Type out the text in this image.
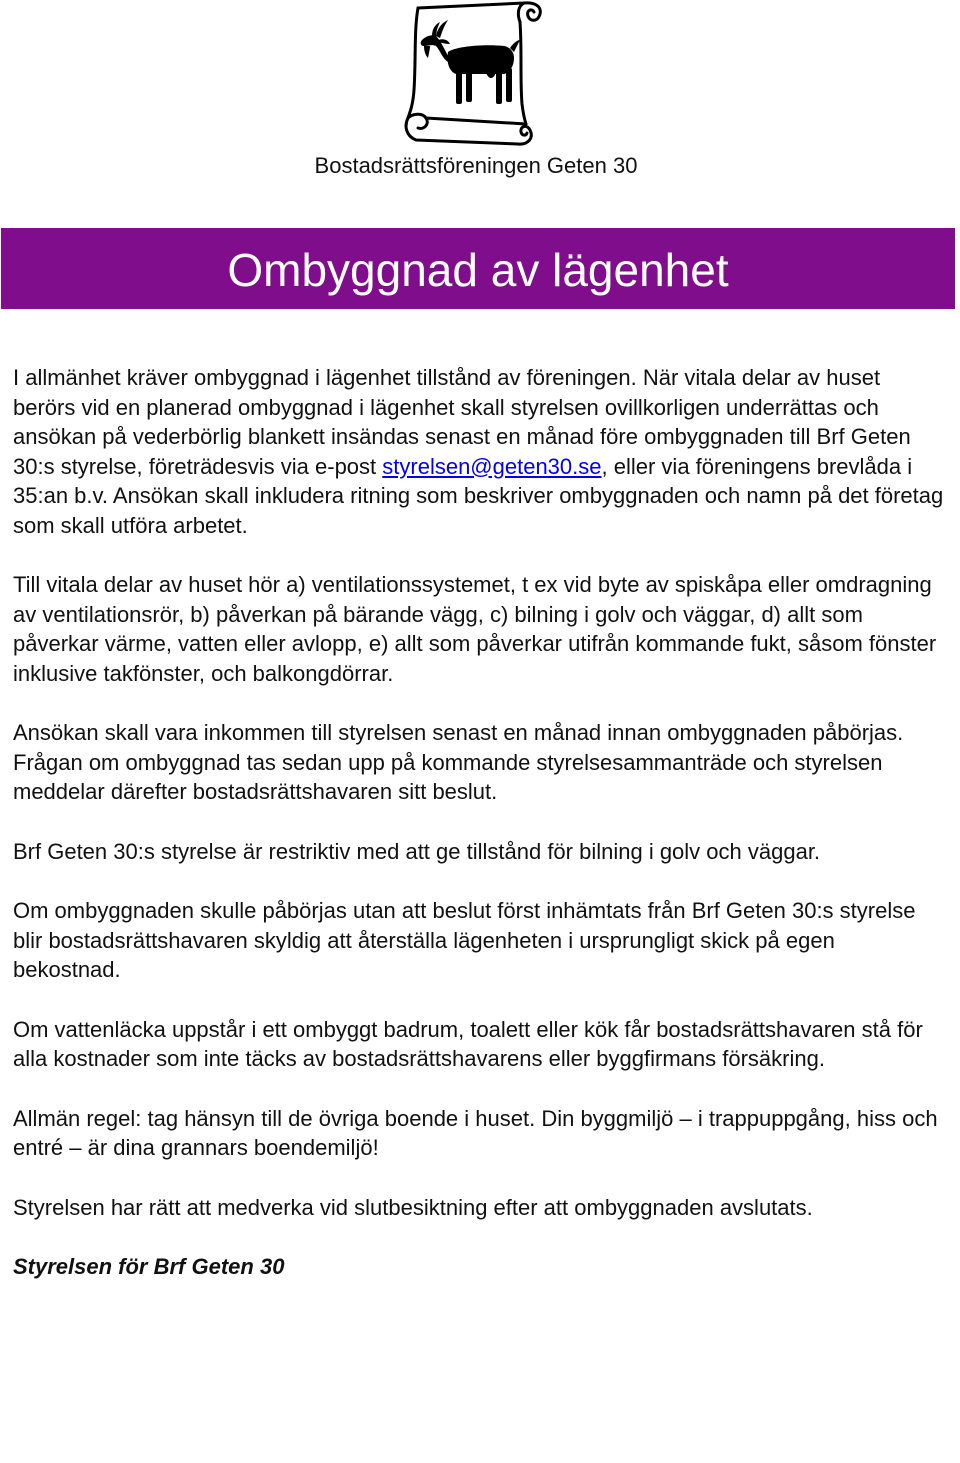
Bostadsrättsföreningen Geten 30
Ombyggnad av lägenhet

I allmänhet kräver ombyggnad i lägenhet tillstånd av föreningen. När vitala delar av huset berörs vid en planerad ombyggnad i lägenhet skall styrelsen ovillkorligen underrättas och ansökan på vederbörlig blankett insändas senast en månad före ombyggnaden till Brf Geten 30:s styrelse, företrädesvis via e-post styrelsen@geten30.se, eller via föreningens brevlåda i 35:an b.v. Ansökan skall inkludera ritning som beskriver ombyggnaden och namn på det företag som skall utföra arbetet.

Till vitala delar av huset hör a) ventilationssystemet, t ex vid byte av spiskåpa eller omdragning av ventilationsrör, b) påverkan på bärande vägg, c) bilning i golv och väggar, d) allt som påverkar värme, vatten eller avlopp, e) allt som påverkar utifrån kommande fukt, såsom fönster inklusive takfönster, och balkongdörrar.

Ansökan skall vara inkommen till styrelsen senast en månad innan ombyggnaden påbörjas. Frågan om ombyggnad tas sedan upp på kommande styrelsesammanträde och styrelsen meddelar därefter bostadsrättshavaren sitt beslut.

Brf Geten 30:s styrelse är restriktiv med att ge tillstånd för bilning i golv och väggar.

Om ombyggnaden skulle påbörjas utan att beslut först inhämtats från Brf Geten 30:s styrelse blir bostadsrättshavaren skyldig att återställa lägenheten i ursprungligt skick på egen bekostnad.

Om vattenläcka uppstår i ett ombyggt badrum, toalett eller kök får bostadsrättshavaren stå för alla kostnader som inte täcks av bostadsrättshavarens eller byggfirmans försäkring.

Allmän regel: tag hänsyn till de övriga boende i huset. Din byggmiljö – i trappuppgång, hiss och entré – är dina grannars boendemiljö!

Styrelsen har rätt att medverka vid slutbesiktning efter att ombyggnaden avslutats.

Styrelsen för Brf Geten 30
